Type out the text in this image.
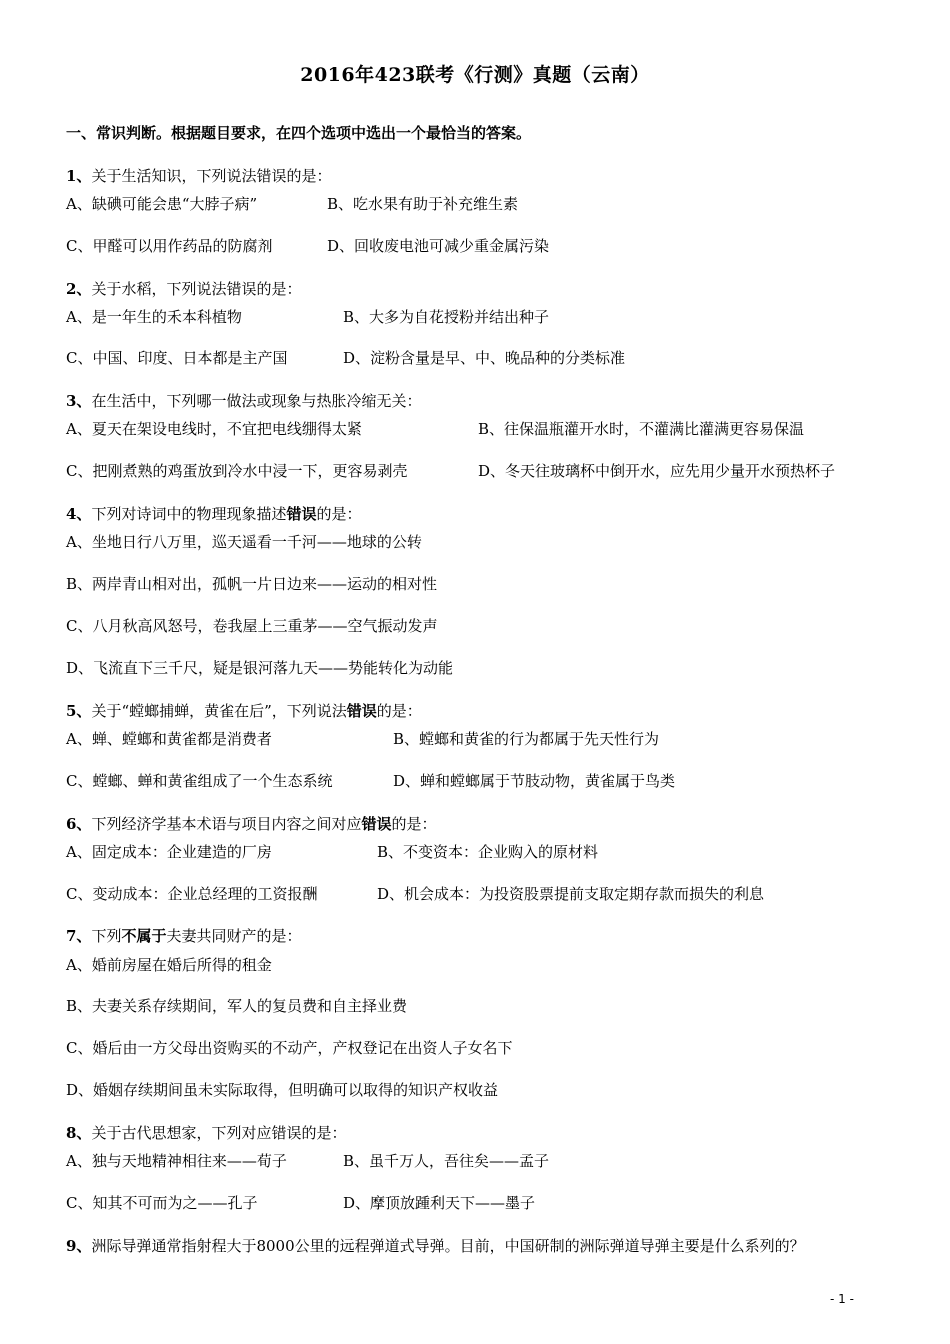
2016年423联考《行测》真题（云南）
一、常识判断。根据题目要求，在四个选项中选出一个最恰当的答案。
1、关于生活知识，下列说法错误的是：
A、缺碘可能会患“大脖子病”	B、吃水果有助于补充维生素
C、甲醛可以用作药品的防腐剂	D、回收废电池可减少重金属污染
2、关于水稻，下列说法错误的是：
A、是一年生的禾本科植物	B、大多为自花授粉并结出种子
C、中国、印度、日本都是主产国	D、淀粉含量是早、中、晚品种的分类标准
3、在生活中，下列哪一做法或现象与热胀冷缩无关：
A、夏天在架设电线时，不宜把电线绷得太紧	B、往保温瓶灌开水时，不灌满比灌满更容易保温
C、把刚煮熟的鸡蛋放到冷水中浸一下，更容易剥壳	D、冬天往玻璃杯中倒开水，应先用少量开水预热杯子
4、下列对诗词中的物理现象描述错误的是：
A、坐地日行八万里，巡天遥看一千河——地球的公转
B、两岸青山相对出，孤帆一片日边来——运动的相对性
C、八月秋高风怒号，卷我屋上三重茅——空气振动发声
D、飞流直下三千尺，疑是银河落九天——势能转化为动能
5、关于“螳螂捕蝉，黄雀在后”，下列说法错误的是：
A、蝉、螳螂和黄雀都是消费者	B、螳螂和黄雀的行为都属于先天性行为
C、螳螂、蝉和黄雀组成了一个生态系统	D、蝉和螳螂属于节肢动物，黄雀属于鸟类
6、下列经济学基本术语与项目内容之间对应错误的是：
A、固定成本：企业建造的厂房	B、不变资本：企业购入的原材料
C、变动成本：企业总经理的工资报酬	D、机会成本：为投资股票提前支取定期存款而损失的利息
7、下列不属于夫妻共同财产的是：
A、婚前房屋在婚后所得的租金
B、夫妻关系存续期间，军人的复员费和自主择业费
C、婚后由一方父母出资购买的不动产，产权登记在出资人子女名下
D、婚姻存续期间虽未实际取得，但明确可以取得的知识产权收益
8、关于古代思想家，下列对应错误的是：
A、独与天地精神相往来——荀子	B、虽千万人，吾往矣——孟子
C、知其不可而为之——孔子	D、摩顶放踵利天下——墨子
9、洲际导弹通常指射程大于8000公里的远程弹道式导弹。目前，中国研制的洲际弹道导弹主要是什么系列的？
- 1 -
